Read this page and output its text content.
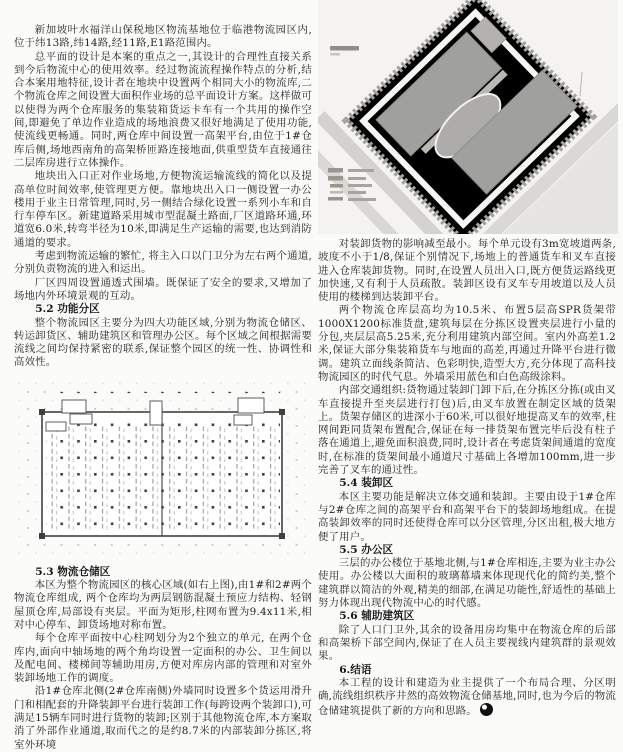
新加坡叶水福洋山保税地区物流基地位于临港物流园区内,位于纬13路,纬14路,经11路,E1路范围内。

总平面的设计是本案的重点之一,其设计的合理性直接关系到今后物流中心的使用效率。经过物流流程操作特点的分析,结合本案用地特征,设计者在地块中设置两个相同大小的物流库,二个物流仓库之间设置大面积作业场的总平面设计方案。这样做可以使得为两个仓库服务的集装箱货运卡车有一个共用的操作空间,即避免了单边作业造成的场地浪费又很好地满足了使用功能,使流线更畅通。同时,两仓库中间设置一高架平台,由位于1#仓库后侧,场地西南角的高架桥匝路连接地面,供重型货车直接通往二层库房进行立体操作。

地块出入口正对作业场地,方便物流运输流线的简化以及提高单位时间效率,使管理更方便。靠地块出入口一侧设置一办公楼用于业主日常管理,同时,另一侧结合绿化设置一系列小车和自行车停车区。新建道路采用城市型混凝土路面,厂区道路环通,环道宽6.0米,转弯半径为10米,即满足生产运输的需要,也达到消防通道的要求。

考虑到物流运输的繁忙, 将主入口以门卫分为左右两个通道,分别负责物流的进入和运出。

厂区四周设置通透式围墙。既保证了安全的要求,又增加了场地内外环境景观的互动。

5.2 功能分区

整个物流园区主要分为四大功能区域,分别为物流仓储区、转运卸货区、辅助建筑区和管理办公区。每个区域之间根据需要流线之间均保持紧密的联系,保证整个园区的统一性、协调性和高效性。

5.3 物流仓储区

本区为整个物流园区的核心区域(如右上图),由1#和2#两个物流仓库组成, 两个仓库均为两层钢筋混凝土预应力结构、轻钢屋顶仓库,局部设有夹层。平面为矩形,柱网布置为9.4x11米,相对中心停车、卸货场地对称布置。

每个仓库平面按中心柱网划分为2个独立的单元, 在两个仓库内,面向中轴场地的两个角均设置一定面积的办公、卫生间以及配电间、楼梯间等辅助用房,方便对库房内部的管理和对室外装卸场地工作的调度。

沿1#仓库北侧(2#仓库南侧)外墙同时设置多个货运用滑升门和相配套的升降装卸平台进行装卸工作(每跨设两个装卸口),可满足15辆车同时进行货物的装卸;区别于其他物流仓库,本方案取消了外部作业通道,取而代之的是约8.7米的内部装卸分拣区,将室外环境

对装卸货物的影响减至最小。每个单元设有3m宽坡道两条,坡度不小于1/8,保证个别情况下,场地上的普通货车和叉车直接进入仓库装卸货物。同时,在设置人员出入口,既方便货运路线更加快速,又有利于人员疏散。装卸区设有叉车专用坡道以及人员使用的楼梯到达装卸平台。

两个物流仓库层高均为10.5米、布置5层高SPR货架带1000X1200标准货盘,建筑每层在分拣区设置夹层进行小量的分包,夹层层高5.25米,充分利用建筑内部空间。室内外高差1.2米,保证大部分集装箱货车与地面的高差,再通过升降平台进行微调。建筑立面线条简洁、色彩明快,造型大方,充分体现了高科技物流园区的时代气息。外墙采用蓝色和白色高级涂料。

内部交通组织:货物通过装卸门卸下后,在分拣区分拣(或由叉车直接提升至夹层进行打包)后,由叉车放置在制定区域的货架上。货架存储区的进深小于60米,可以很好地提高叉车的效率,柱网间距同货架布置配合,保证在每一排货架布置完毕后没有柱子落在通道上,避免面积浪费,同时,设计者在考虑货架间通道的宽度时,在标准的货架间最小通道尺寸基础上各增加100mm,进一步完善了叉车的通过性。

5.4 装卸区

本区主要功能是解决立体交通和装卸。主要由设于1#仓库与2#仓库之间的高架平台和高架平台下的装卸场地组成。在提高装卸效率的同时还使得仓库可以分区管理,分区出租,极大地方便了用户。

5.5 办公区

三层的办公楼位于基地北侧,与1#仓库相连,主要为业主办公使用。办公楼以大面积的玻璃幕墙来体现现代化的简约美,整个建筑群以简洁的外观,精美的细部,在满足功能性,舒适性的基础上努力体现出现代物流中心的时代感。

5.6 辅助建筑区

除了人口门卫外,其余的设备用房均集中在物流仓库的后部和高架桥下部空间内,保证了在人员主要视线内建筑群的景观效果。

6.结语

本工程的设计和建造为业主提供了一个布局合理、分区明确,流线组织秩序井然的高效物流仓储基地,同时,也为今后的物流仓储建筑提供了新的方向和思路。
